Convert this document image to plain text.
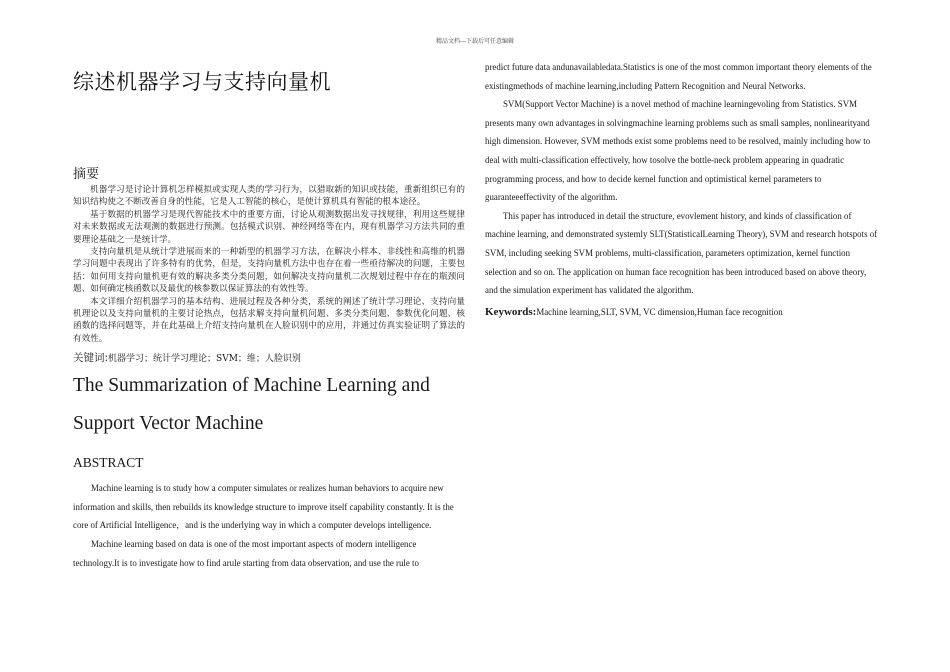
精品文档---下载后可任意编辑
综述机器学习与支持向量机
摘要

机器学习是讨论计算机怎样模拟或实现人类的学习行为，以猎取新的知识或技能，重新组织已有的知识结构使之不断改善自身的性能，它是人工智能的核心，是使计算机具有智能的根本途径。

基于数据的机器学习是现代智能技术中的重要方面，讨论从观测数据出发寻找规律，利用这些规律对未来数据或无法观测的数据进行预测。包括模式识别、神经网络等在内，现有机器学习方法共同的重要理论基础之一是统计学。

支持向量机是从统计学进展而来的一种新型的机器学习方法，在解决小样本、非线性和高维的机器学习问题中表现出了许多特有的优势，但是，支持向量机方法中也存在着一些亟待解决的问题，主要包括：如何用支持向量机更有效的解决多类分类问题，如何解决支持向量机二次规划过程中存在的瓶颈问题、如何确定核函数以及最优的核参数以保证算法的有效性等。

本文详细介绍机器学习的基本结构、进展过程及各种分类，系统的阐述了统计学习理论、支持向量机理论以及支持向量机的主要讨论热点，包括求解支持向量机问题、多类分类问题、参数优化问题、核函数的选择问题等，并在此基础上介绍支持向量机在人脸识别中的应用，并通过仿真实验证明了算法的有效性。

关键词:机器学习；统计学习理论；SVM；维；人脸识别

The Summarization of Machine Learning and
Support Vector Machine
ABSTRACT

Machine learning is to study how a computer simulates or realizes human behaviors to acquire new information and skills, then rebuilds its knowledge structure to improve itself capability constantly. It is the core of Artificial Intelligence，and is the underlying way in which a computer develops intelligence.

Machine learning based on data is one of the most important aspects of modern intelligence technology.It is to investigate how to find arule starting from data observation, and use the rule to

predict future data andunavailabledata.Statistics is one of the most common important theory elements of the existingmethods of machine learning,including Pattern Recognition and Neural Networks.

SVM(Support Vector Machine) is a novel method of machine learningevoling from Statistics. SVM presents many own advantages in solvingmachine learning problems such as small samples, nonlinearityand high dimension. However, SVM methods exist some problems need to be resolved, mainly including how to deal with multi-classification effectively, how tosolve the bottle-neck problem appearing in quadratic programming process, and how to decide kernel function and optimistical kernel parameters to guaranteeeffectivity of the algorithm.

This paper has introduced in detail the structure, evovlement history, and kinds of classification of machine learning, and demonstrated systemly SLT(StatisticalLearning Theory), SVM and research hotspots of SVM, including seeking SVM problems, multi-classification, parameters optimization, kernel function selection and so on. The application on human face recognition has been introduced based on above theory, and the simulation experiment has validated the algorithm.

Keywords:Machine learning,SLT, SVM, VC dimension,Human face recognition
